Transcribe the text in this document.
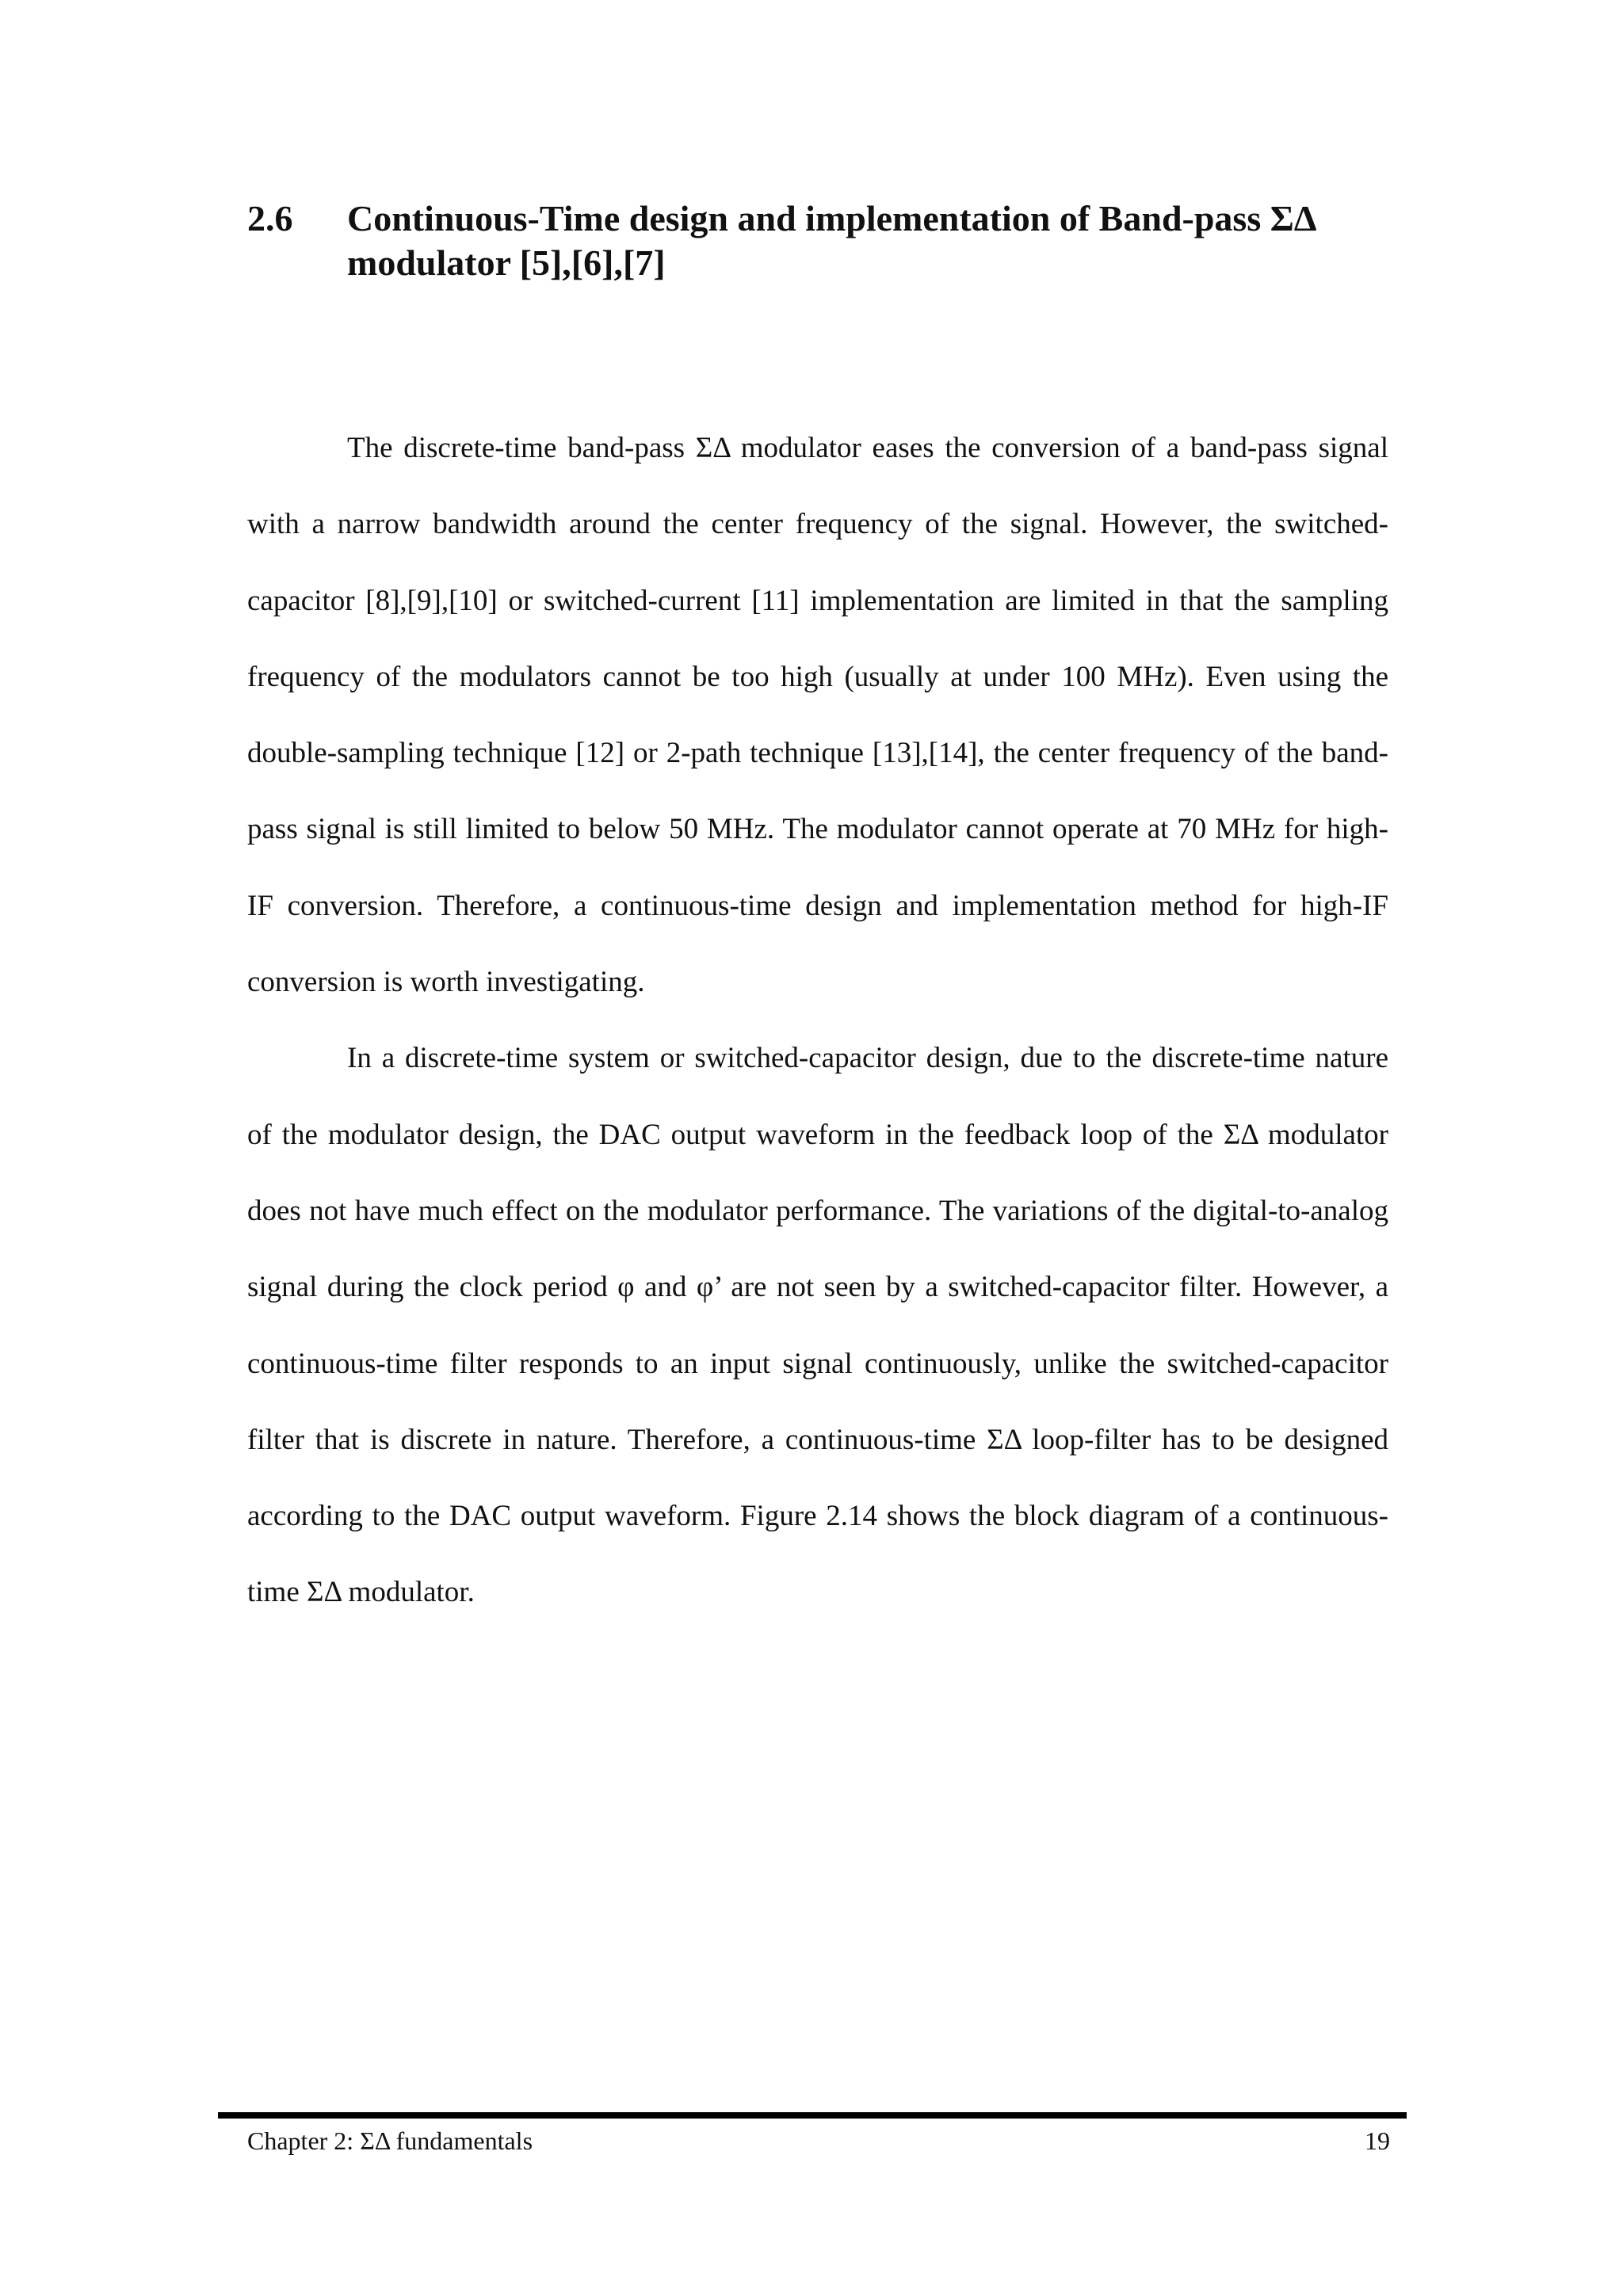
2.6	Continuous-Time design and implementation of Band-pass ΣΔ modulator [5],[6],[7]

The discrete-time band-pass ΣΔ modulator eases the conversion of a band-pass signal with a narrow bandwidth around the center frequency of the signal. However, the switched-capacitor [8],[9],[10] or switched-current [11] implementation are limited in that the sampling frequency of the modulators cannot be too high (usually at under 100 MHz). Even using the double-sampling technique [12] or 2-path technique [13],[14], the center frequency of the band-pass signal is still limited to below 50 MHz. The modulator cannot operate at 70 MHz for high-IF conversion. Therefore, a continuous-time design and implementation method for high-IF conversion is worth investigating.

In a discrete-time system or switched-capacitor design, due to the discrete-time nature of the modulator design, the DAC output waveform in the feedback loop of the ΣΔ modulator does not have much effect on the modulator performance. The variations of the digital-to-analog signal during the clock period φ and φ’ are not seen by a switched-capacitor filter. However, a continuous-time filter responds to an input signal continuously, unlike the switched-capacitor filter that is discrete in nature. Therefore, a continuous-time ΣΔ loop-filter has to be designed according to the DAC output waveform. Figure 2.14 shows the block diagram of a continuous-time ΣΔ modulator.

Chapter 2: ΣΔ fundamentals	19
